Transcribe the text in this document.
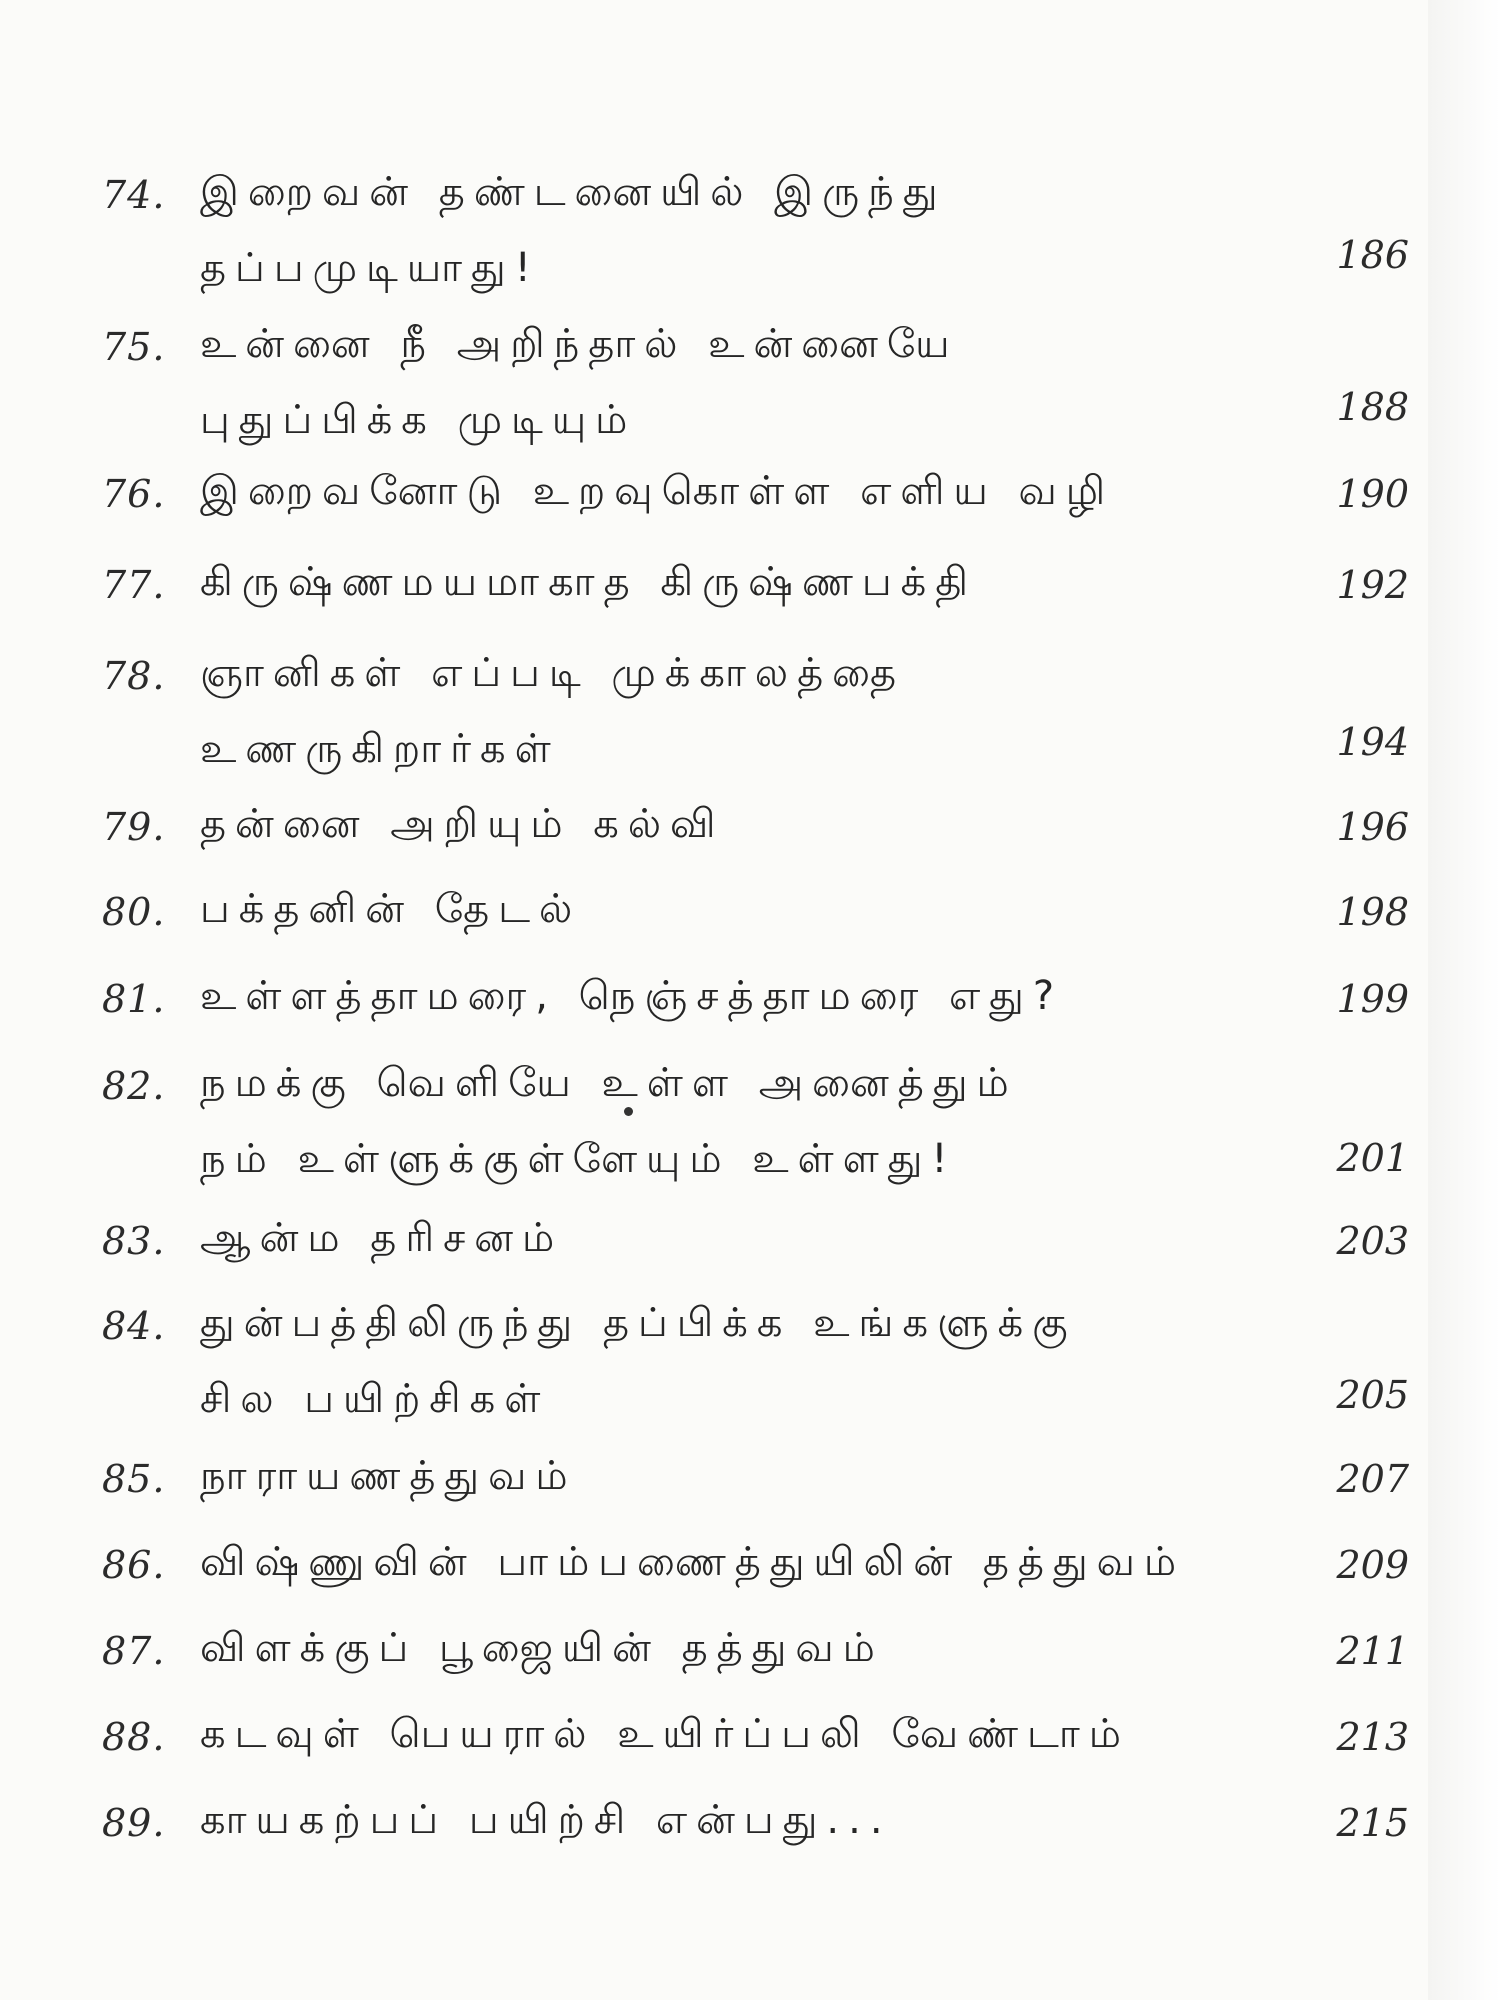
74. இறைவன் தண்டனையில் இருந்து
தப்பமுடியாது!	186
75. உன்னை நீ அறிந்தால் உன்னையே
புதுப்பிக்க முடியும்	188
76. இறைவனோடு உறவுகொள்ள எளிய வழி	190
77. கிருஷ்ணமயமாகாத கிருஷ்ணபக்தி	192
78. ஞானிகள் எப்படி முக்காலத்தை
உணருகிறார்கள்	194
79. தன்னை அறியும் கல்வி	196
80. பக்தனின் தேடல்	198
81. உள்ளத்தாமரை, நெஞ்சத்தாமரை எது?	199
82. நமக்கு வெளியே உள்ள அனைத்தும்
நம் உள்ளுக்குள்ளேயும் உள்ளது!	201
83. ஆன்ம தரிசனம்	203
84. துன்பத்திலிருந்து தப்பிக்க உங்களுக்கு
சில பயிற்சிகள்	205
85. நாராயணத்துவம்	207
86. விஷ்ணுவின் பாம்பணைத்துயிலின் தத்துவம்	209
87. விளக்குப் பூஜையின் தத்துவம்	211
88. கடவுள் பெயரால் உயிர்ப்பலி வேண்டாம்	213
89. காயகற்பப் பயிற்சி என்பது...	215
